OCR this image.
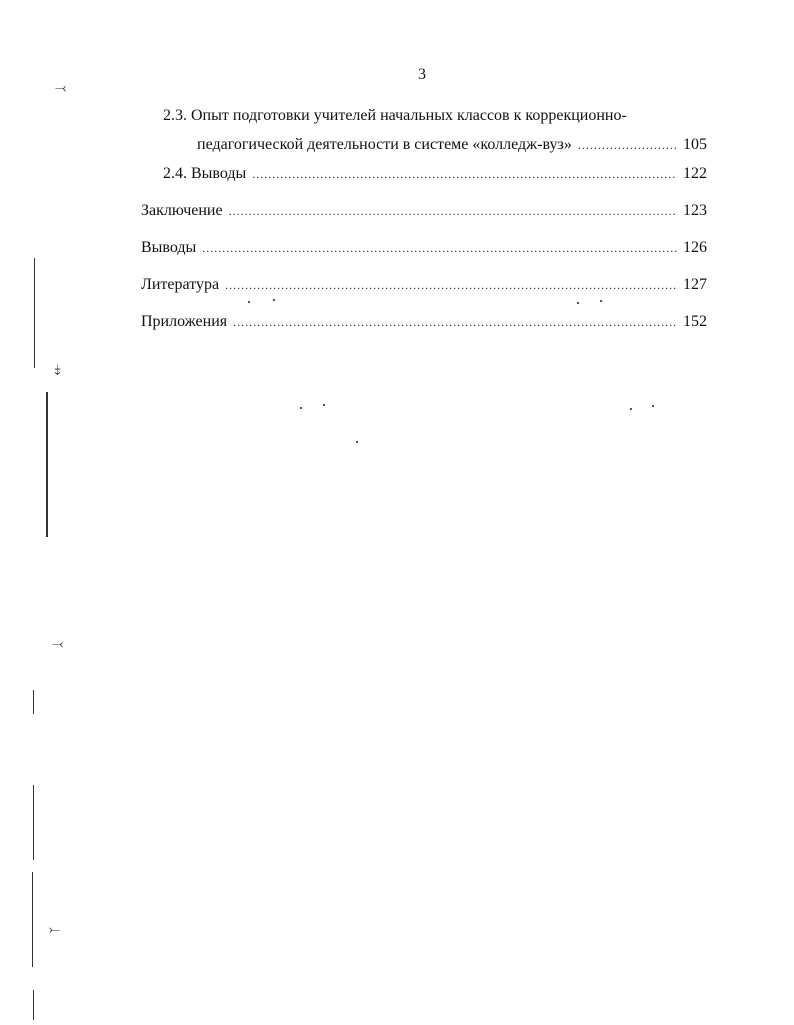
3
2.3. Опыт подготовки учителей начальных классов к коррекционно-
педагогической деятельности в системе «колледж-вуз» .....	105
2.4. Выводы .....	122
Заключение .....	123
Выводы .....	126
Литература .....	127
Приложения .....	152
⤙
⤈
⤙
⤚
